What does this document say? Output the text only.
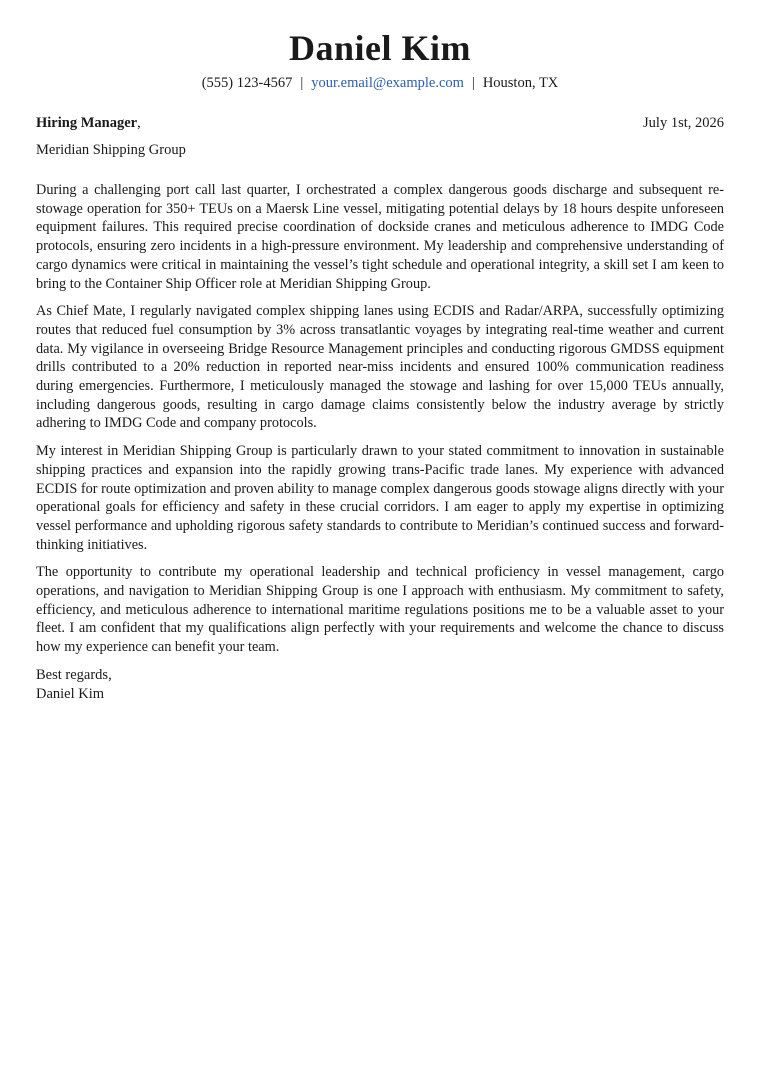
Daniel Kim
(555) 123-4567 | your.email@example.com | Houston, TX
Hiring Manager,	July 1st, 2026
Meridian Shipping Group

During a challenging port call last quarter, I orchestrated a complex dangerous goods discharge and subsequent re-stowage operation for 350+ TEUs on a Maersk Line vessel, mitigating potential delays by 18 hours despite unforeseen equipment failures. This required precise coordination of dockside cranes and meticulous adherence to IMDG Code protocols, ensuring zero incidents in a high-pressure environment. My leadership and comprehensive understanding of cargo dynamics were critical in maintaining the vessel’s tight schedule and operational integrity, a skill set I am keen to bring to the Container Ship Officer role at Meridian Shipping Group.

As Chief Mate, I regularly navigated complex shipping lanes using ECDIS and Radar/ARPA, successfully optimizing routes that reduced fuel consumption by 3% across transatlantic voyages by integrating real-time weather and current data. My vigilance in overseeing Bridge Resource Management principles and conducting rigorous GMDSS equipment drills contributed to a 20% reduction in reported near-miss incidents and ensured 100% communication readiness during emergencies. Furthermore, I meticulously managed the stowage and lashing for over 15,000 TEUs annually, including dangerous goods, resulting in cargo damage claims consistently below the industry average by strictly adhering to IMDG Code and company protocols.

My interest in Meridian Shipping Group is particularly drawn to your stated commitment to innovation in sustainable shipping practices and expansion into the rapidly growing trans-Pacific trade lanes. My experience with advanced ECDIS for route optimization and proven ability to manage complex dangerous goods stowage aligns directly with your operational goals for efficiency and safety in these crucial corridors. I am eager to apply my expertise in optimizing vessel performance and upholding rigorous safety standards to contribute to Meridian’s continued success and forward-thinking initiatives.

The opportunity to contribute my operational leadership and technical proficiency in vessel management, cargo operations, and navigation to Meridian Shipping Group is one I approach with enthusiasm. My commitment to safety, efficiency, and meticulous adherence to international maritime regulations positions me to be a valuable asset to your fleet. I am confident that my qualifications align perfectly with your requirements and welcome the chance to discuss how my experience can benefit your team.

Best regards,
Daniel Kim
